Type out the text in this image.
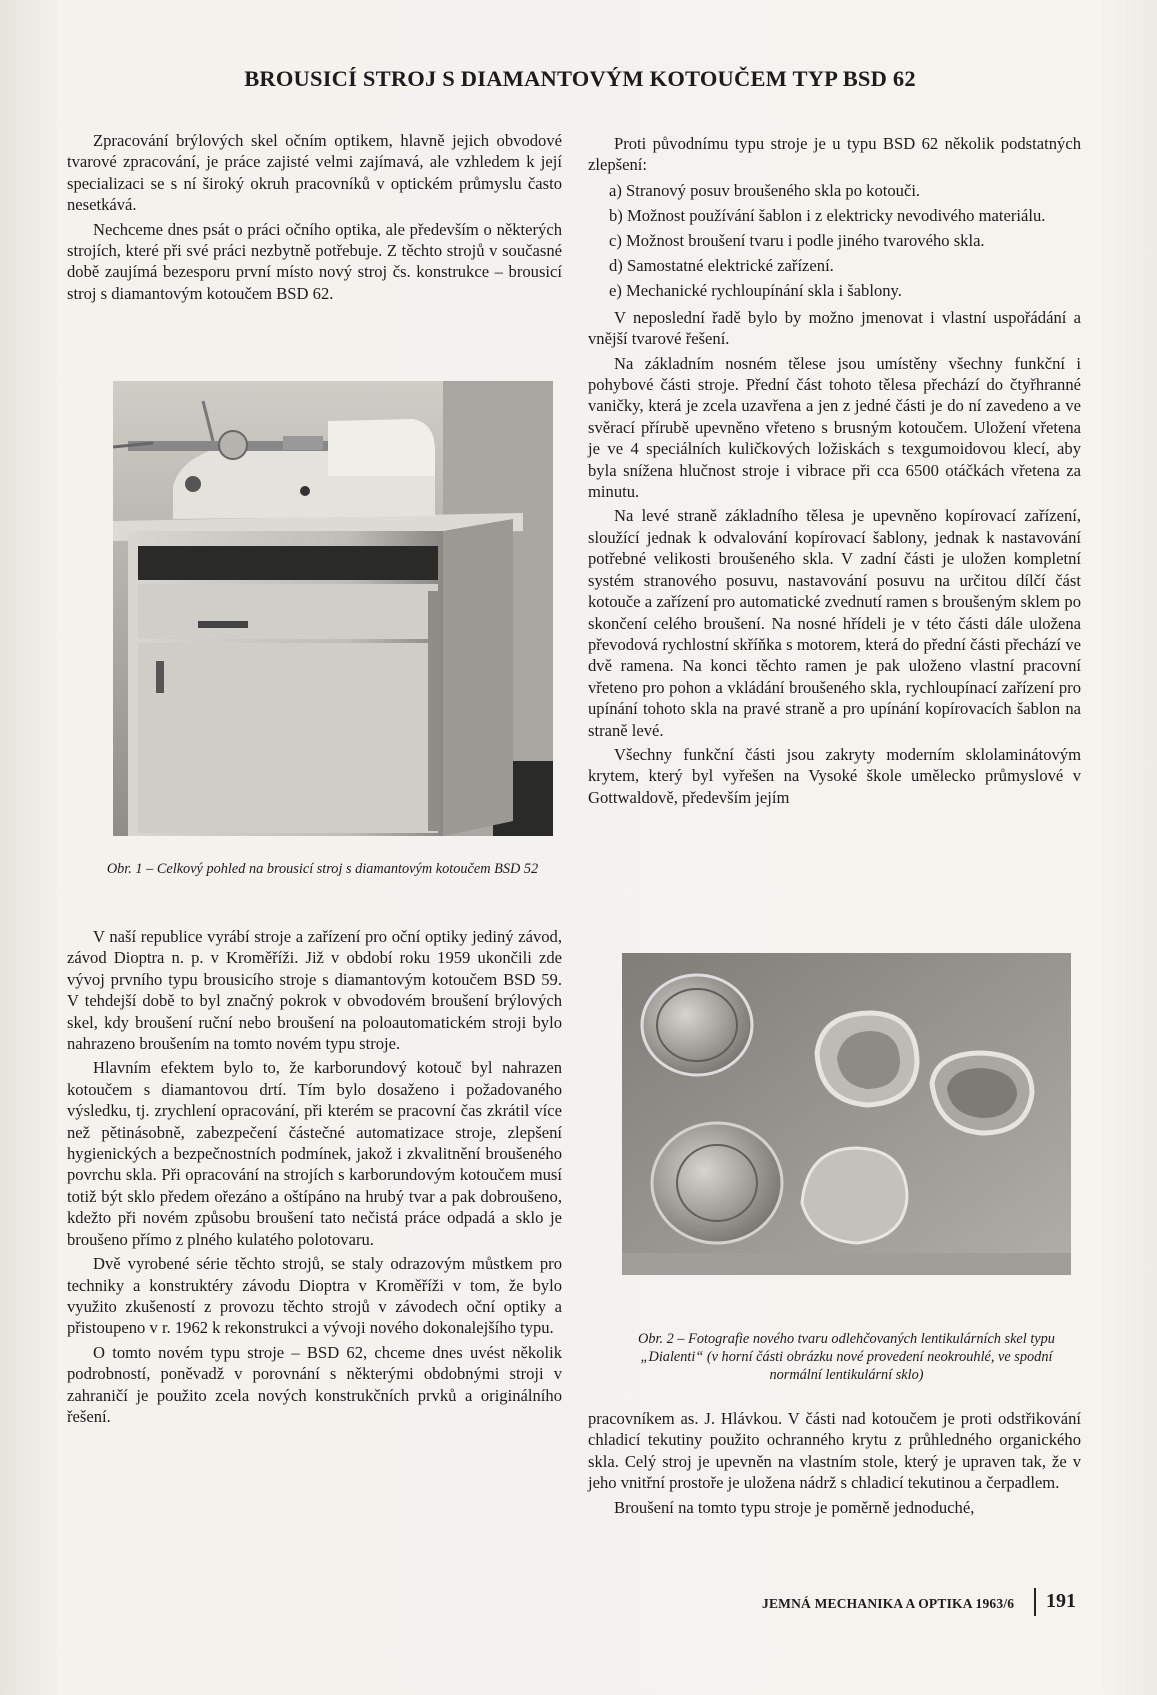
BROUSICÍ STROJ S DIAMANTOVÝM KOTOUČEM TYP BSD 62

Zpracování brýlových skel očním optikem, hlavně jejich obvodové tvarové zpracování, je práce zajisté velmi zajímavá, ale vzhledem k její specializaci se s ní široký okruh pracovníků v optickém průmyslu často nesetkává.

Nechceme dnes psát o práci očního optika, ale především o některých strojích, které při své práci nezbytně potřebuje. Z těchto strojů v současné době zaujímá bezesporu první místo nový stroj čs. konstrukce – brousicí stroj s diamantovým kotoučem BSD 62.

Obr. 1 – Celkový pohled na brousicí stroj s diamantovým kotoučem BSD 52

V naší republice vyrábí stroje a zařízení pro oční optiky jediný závod, závod Dioptra n. p. v Kroměříži. Již v období roku 1959 ukončili zde vývoj prvního typu brousicího stroje s diamantovým kotoučem BSD 59. V tehdejší době to byl značný pokrok v obvodovém broušení brýlových skel, kdy broušení ruční nebo broušení na poloautomatickém stroji bylo nahrazeno broušením na tomto novém typu stroje.

Hlavním efektem bylo to, že karborundový kotouč byl nahrazen kotoučem s diamantovou drtí. Tím bylo dosaženo i požadovaného výsledku, tj. zrychlení opracování, při kterém se pracovní čas zkrátil více než pětinásobně, zabezpečení částečné automatizace stroje, zlepšení hygienických a bezpečnostních podmínek, jakož i zkvalitnění broušeného povrchu skla. Při opracování na strojích s karborundovým kotoučem musí totiž být sklo předem ořezáno a oštípáno na hrubý tvar a pak dobroušeno, kdežto při novém způsobu broušení tato nečistá práce odpadá a sklo je broušeno přímo z plného kulatého polotovaru.

Dvě vyrobené série těchto strojů, se staly odrazovým můstkem pro techniky a konstruktéry závodu Dioptra v Kroměříži v tom, že bylo využito zkušeností z provozu těchto strojů v závodech oční optiky a přistoupeno v r. 1962 k rekonstrukci a vývoji nového dokonalejšího typu.

O tomto novém typu stroje – BSD 62, chceme dnes uvést několik podrobností, poněvadž v porovnání s některými obdobnými stroji v zahraničí je použito zcela nových konstrukčních prvků a originálního řešení.

Proti původnímu typu stroje je u typu BSD 62 několik podstatných zlepšení:

a) Stranový posuv broušeného skla po kotouči.
b) Možnost používání šablon i z elektricky nevodivého materiálu.
c) Možnost broušení tvaru i podle jiného tvarového skla.
d) Samostatné elektrické zařízení.
e) Mechanické rychloupínání skla i šablony.

V neposlední řadě bylo by možno jmenovat i vlastní uspořádání a vnější tvarové řešení.

Na základním nosném tělese jsou umístěny všechny funkční i pohybové části stroje. Přední část tohoto tělesa přechází do čtyřhranné vaničky, která je zcela uzavřena a jen z jedné části je do ní zavedeno a ve svěrací přírubě upevněno vřeteno s brusným kotoučem. Uložení vřetena je ve 4 speciálních kuličkových ložiskách s texgumoidovou klecí, aby byla snížena hlučnost stroje i vibrace při cca 6500 otáčkách vřetena za minutu.

Na levé straně základního tělesa je upevněno kopírovací zařízení, sloužící jednak k odvalování kopírovací šablony, jednak k nastavování potřebné velikosti broušeného skla. V zadní části je uložen kompletní systém stranového posuvu, nastavování posuvu na určitou dílčí část kotouče a zařízení pro automatické zvednutí ramen s broušeným sklem po skončení celého broušení. Na nosné hřídeli je v této části dále uložena převodová rychlostní skříňka s motorem, která do přední části přechází ve dvě ramena. Na konci těchto ramen je pak uloženo vlastní pracovní vřeteno pro pohon a vkládání broušeného skla, rychloupínací zařízení pro upínání tohoto skla na pravé straně a pro upínání kopírovacích šablon na straně levé.

Všechny funkční části jsou zakryty moderním sklolaminátovým krytem, který byl vyřešen na Vysoké škole umělecko průmyslové v Gottwaldově, především jejím

Obr. 2 – Fotografie nového tvaru odlehčovaných lentikulárních skel typu „Dialenti“ (v horní části obrázku nové provedení neokrouhlé, ve spodní normální lentikulární sklo)

pracovníkem as. J. Hlávkou. V části nad kotoučem je proti odstřikování chladicí tekutiny použito ochranného krytu z průhledného organického skla. Celý stroj je upevněn na vlastním stole, který je upraven tak, že v jeho vnitřní prostoře je uložena nádrž s chladicí tekutinou a čerpadlem.

Broušení na tomto typu stroje je poměrně jednoduché,

JEMNÁ MECHANIKA A OPTIKA 1963/6 191
